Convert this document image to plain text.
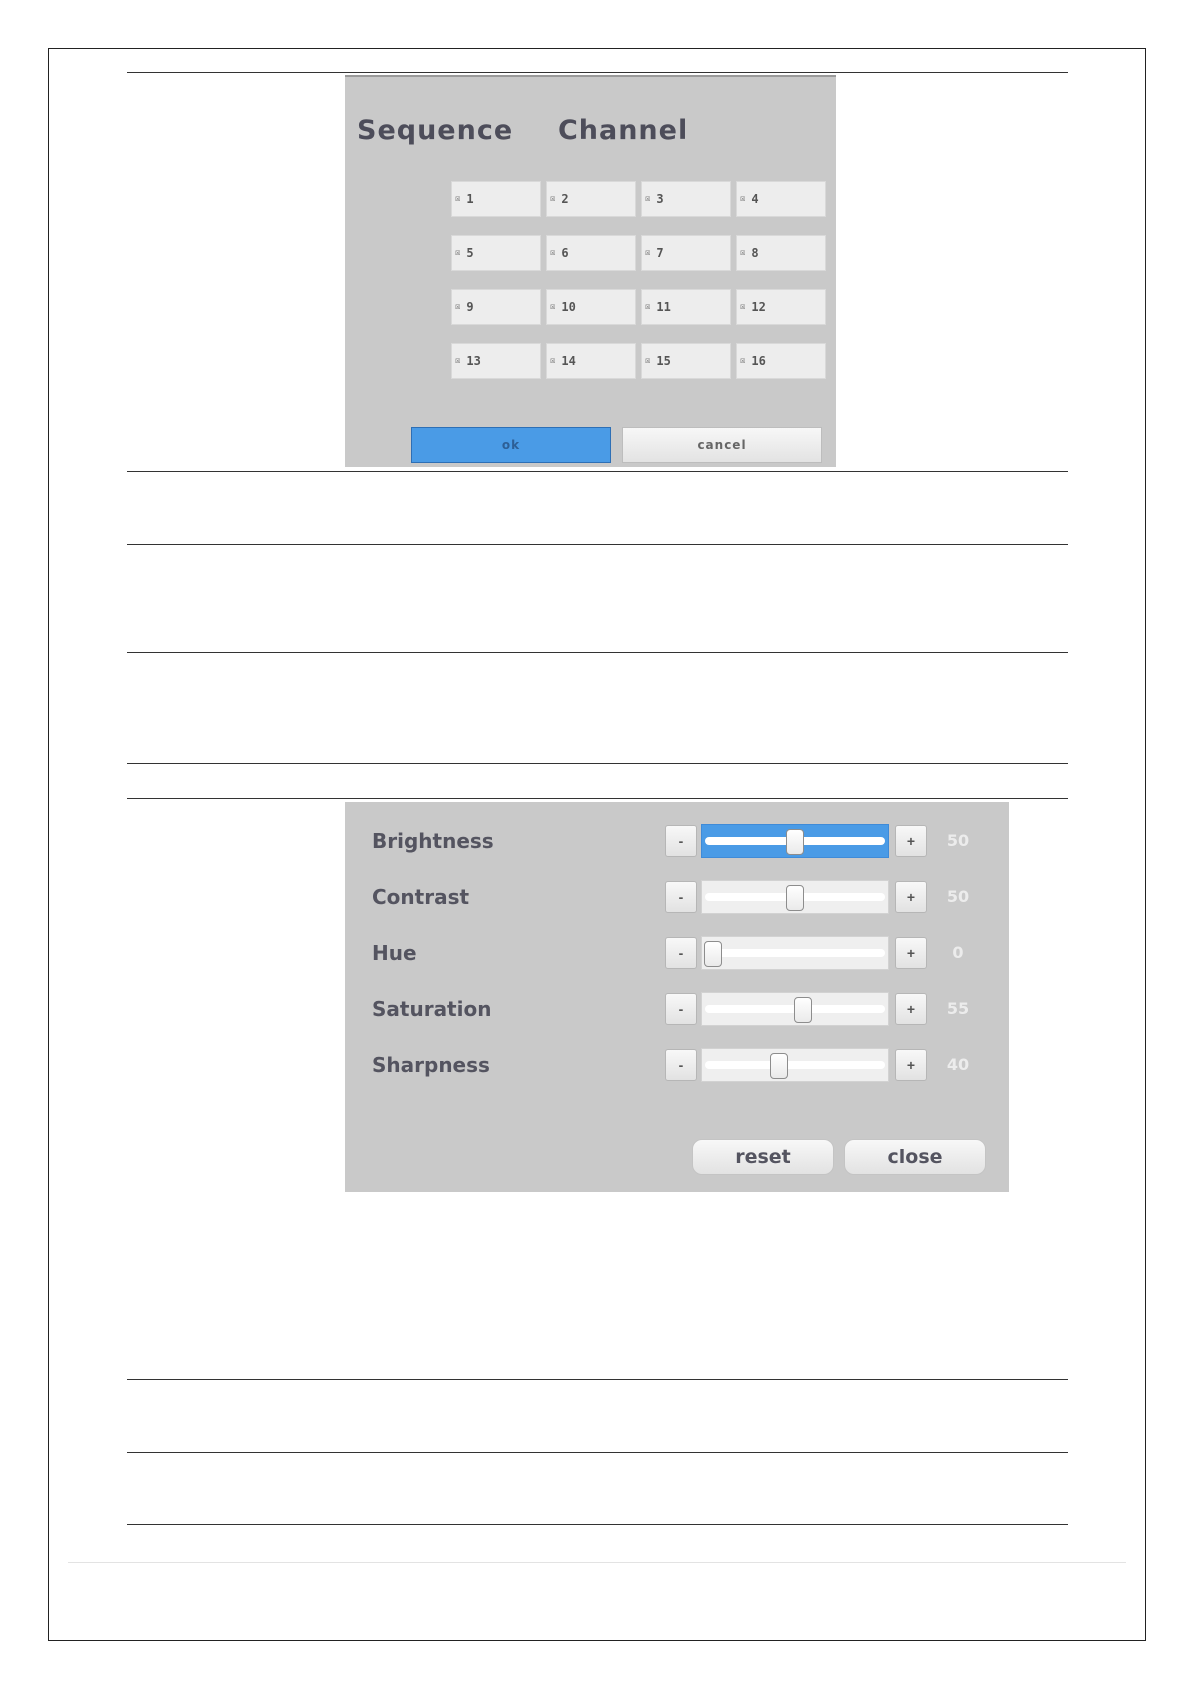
Sequence  Channel
☒ 1	☒ 2	☒ 3	☒ 4
☒ 5	☒ 6	☒ 7	☒ 8
☒ 9	☒ 10	☒ 11	☒ 12
☒ 13	☒ 14	☒ 15	☒ 16
ok	cancel
reset	close
Brightness	-	+	50
Contrast	-	+	50
Hue	-	+	0
Saturation	-	+	55
Sharpness	-	+	40
